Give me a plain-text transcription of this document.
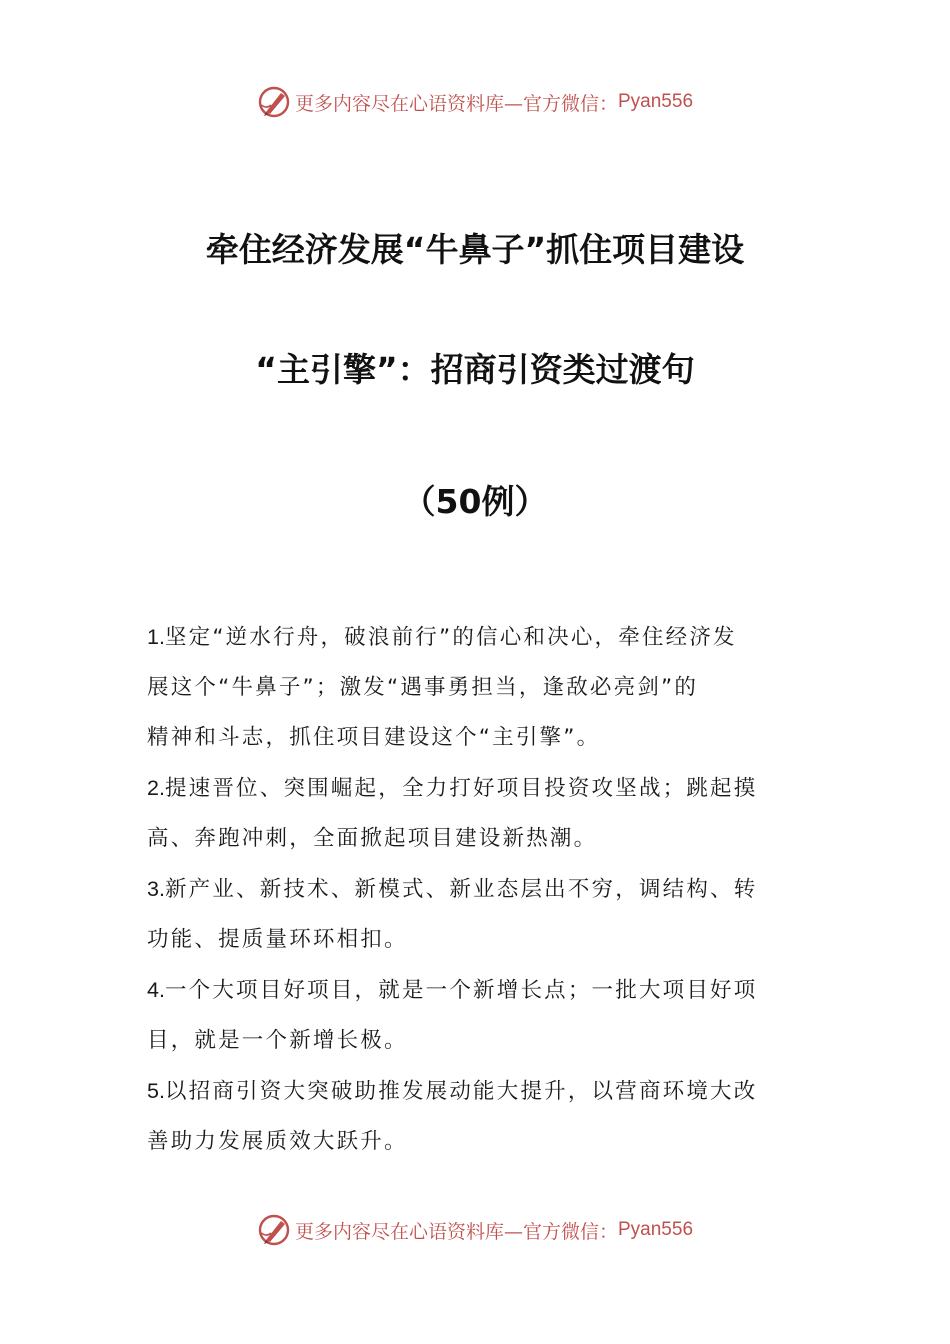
更多内容尽在心语资料库—官方微信： Pyan556
牵住经济发展“牛鼻子”抓住项目建设
“主引擎”：招商引资类过渡句
（50例）

1.坚定“逆水行舟，破浪前行”的信心和决心，牵住经济发
展这个“牛鼻子”；激发“遇事勇担当，逢敌必亮剑”的
精神和斗志，抓住项目建设这个“主引擎”。

2.提速晋位、突围崛起，全力打好项目投资攻坚战；跳起摸
高、奔跑冲刺，全面掀起项目建设新热潮。

3.新产业、新技术、新模式、新业态层出不穷，调结构、转
功能、提质量环环相扣。

4.一个大项目好项目，就是一个新增长点；一批大项目好项
目，就是一个新增长极。

5.以招商引资大突破助推发展动能大提升，以营商环境大改
善助力发展质效大跃升。

更多内容尽在心语资料库—官方微信： Pyan556
